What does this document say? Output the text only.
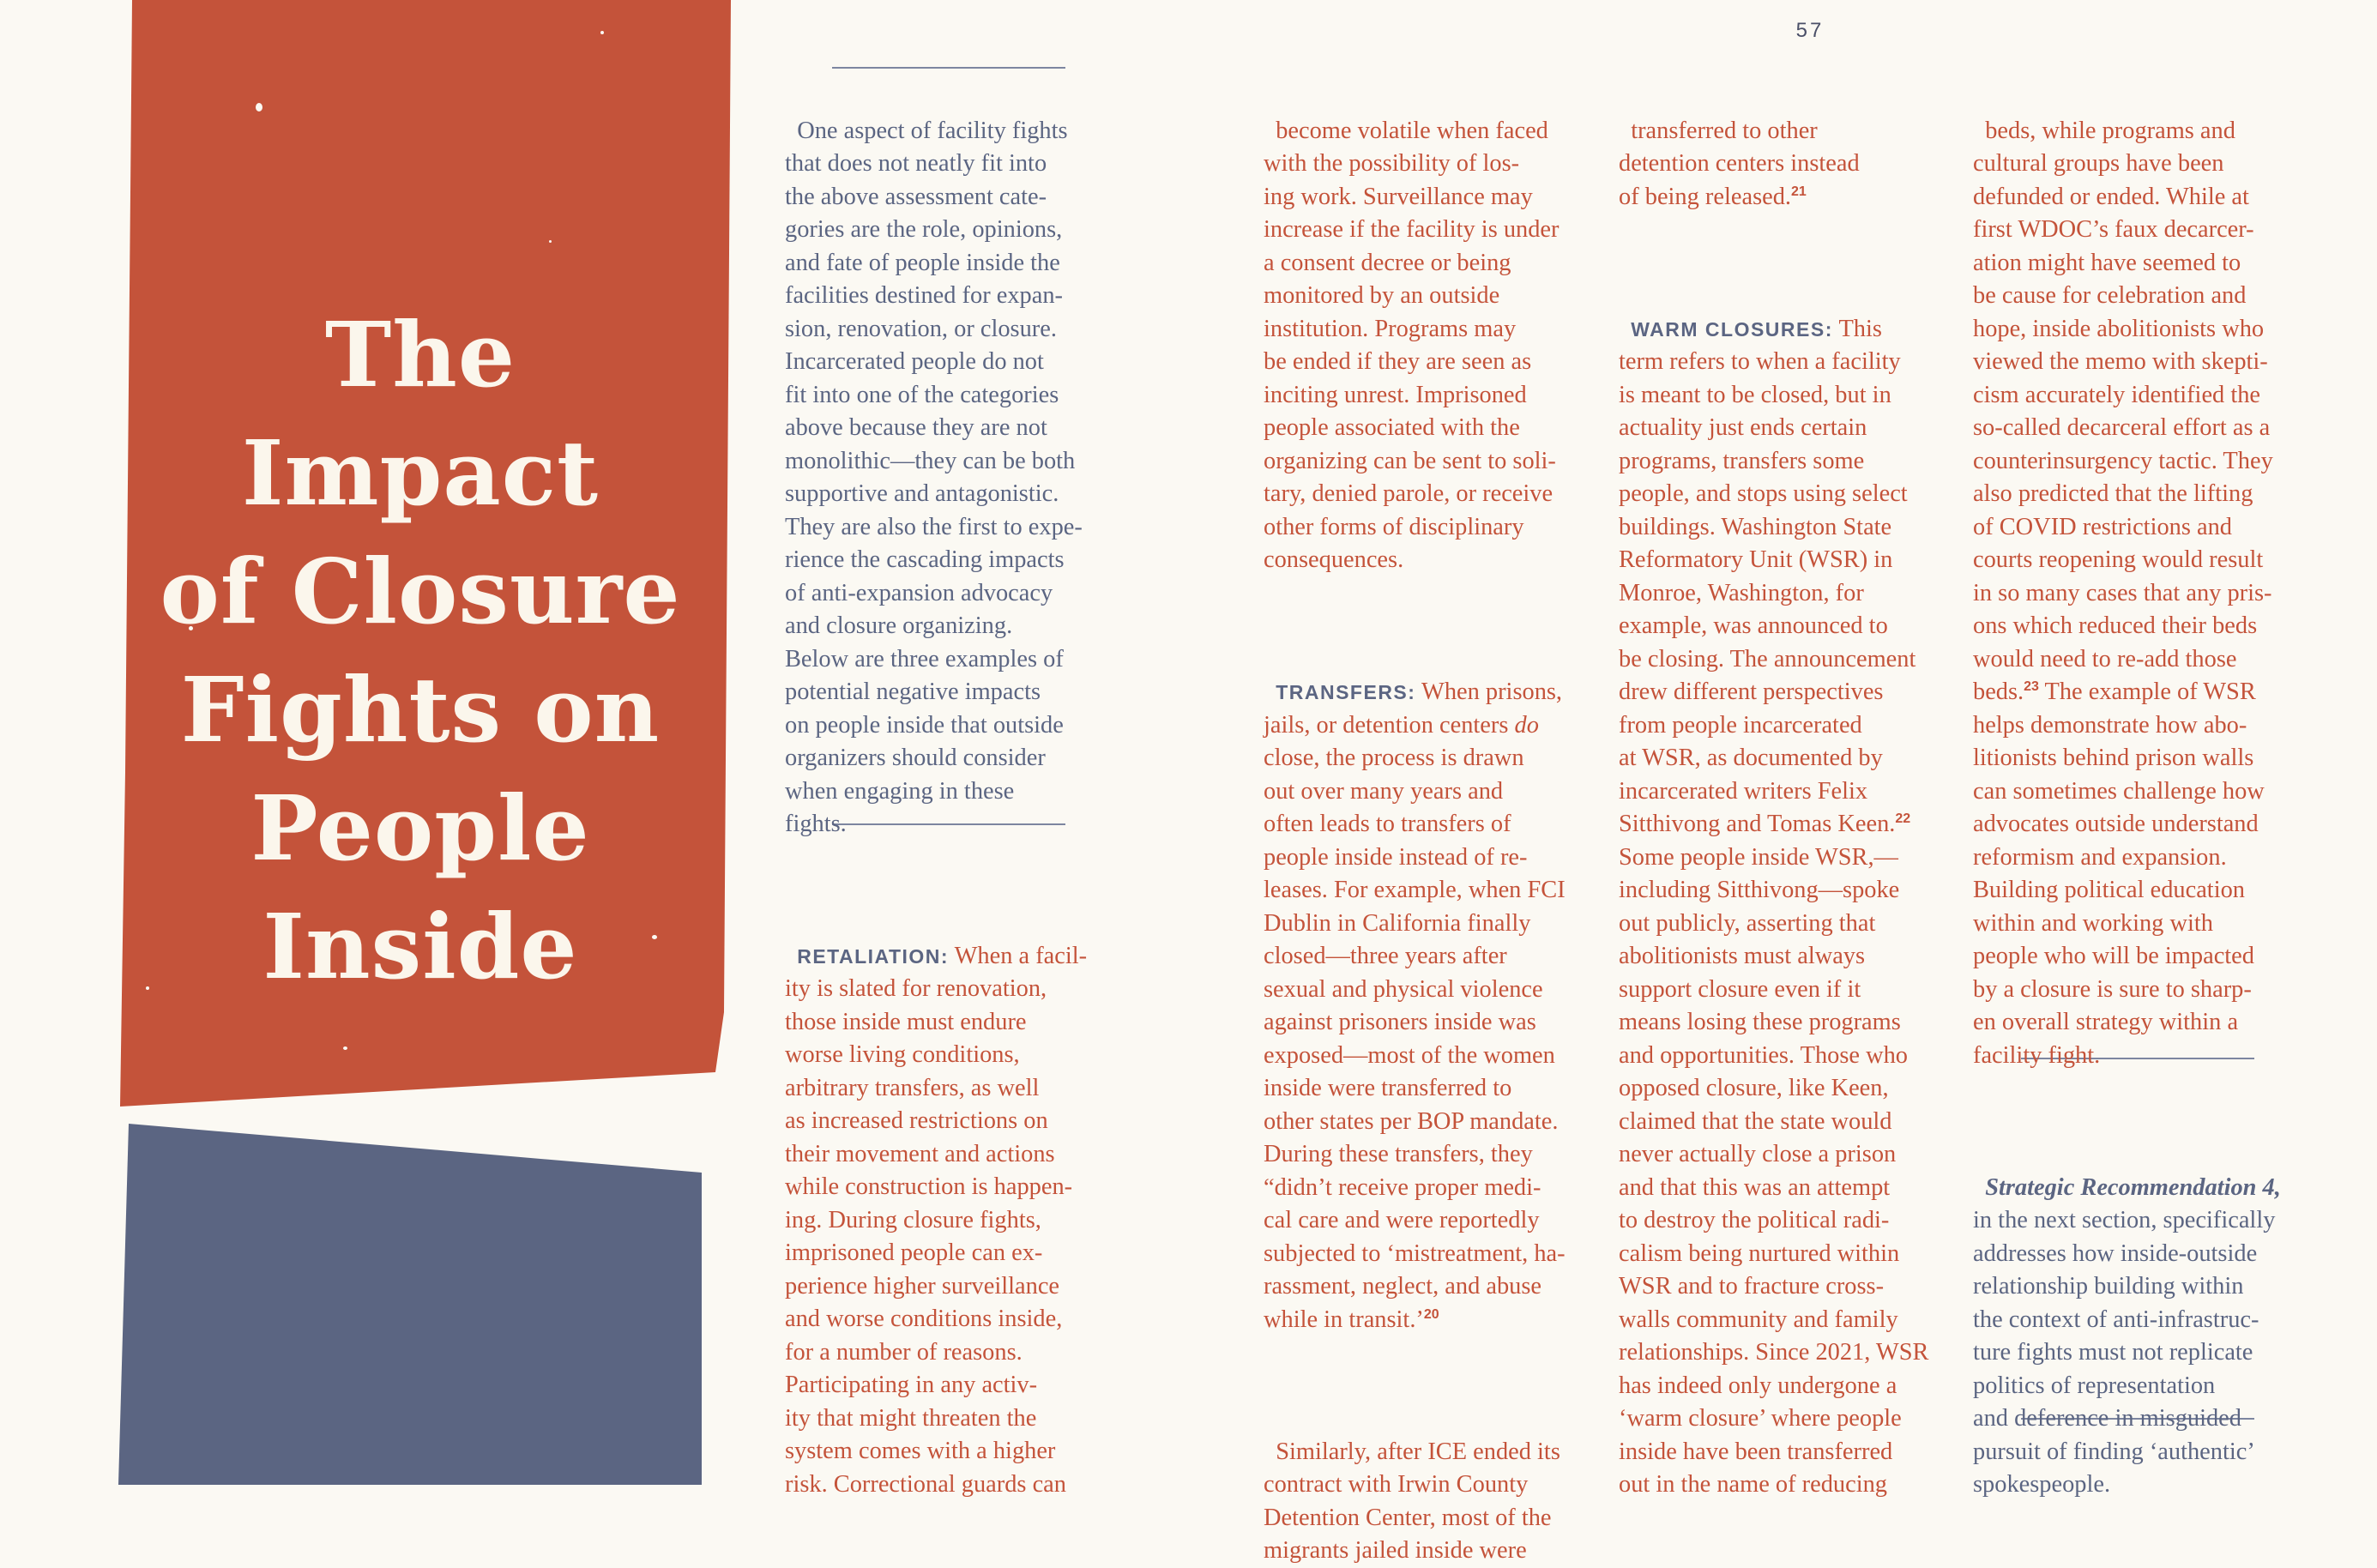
The
Impact
of Closure
Fights on
People
Inside
57

One aspect of facility fights
that does not neatly fit into
the above assessment cate-
gories are the role, opinions,
and fate of people inside the
facilities destined for expan-
sion, renovation, or closure.
Incarcerated people do not
fit into one of the categories
above because they are not
monolithic—they can be both
supportive and antagonistic.
They are also the first to expe-
rience the cascading impacts
of anti-expansion advocacy
and closure organizing.
Below are three examples of
potential negative impacts
on people inside that outside
organizers should consider
when engaging in these
fights.

RETALIATION: When a facil-
ity is slated for renovation,
those inside must endure
worse living conditions,
arbitrary transfers, as well
as increased restrictions on
their movement and actions
while construction is happen-
ing. During closure fights,
imprisoned people can ex-
perience higher surveillance
and worse conditions inside,
for a number of reasons.
Participating in any activ-
ity that might threaten the
system comes with a higher
risk. Correctional guards can

become volatile when faced
with the possibility of los-
ing work. Surveillance may
increase if the facility is under
a consent decree or being
monitored by an outside
institution. Programs may
be ended if they are seen as
inciting unrest. Imprisoned
people associated with the
organizing can be sent to soli-
tary, denied parole, or receive
other forms of disciplinary
consequences.

TRANSFERS: When prisons,
jails, or detention centers do
close, the process is drawn
out over many years and
often leads to transfers of
people inside instead of re-
leases. For example, when FCI
Dublin in California finally
closed—three years after
sexual and physical violence
against prisoners inside was
exposed—most of the women
inside were transferred to
other states per BOP mandate.
During these transfers, they
“didn’t receive proper medi-
cal care and were reportedly
subjected to ‘mistreatment, ha-
rassment, neglect, and abuse
while in transit.’$^{20}$

Similarly, after ICE ended its
contract with Irwin County
Detention Center, most of the
migrants jailed inside were

transferred to other
detention centers instead
of being released.$^{21}$

WARM CLOSURES: This
term refers to when a facility
is meant to be closed, but in
actuality just ends certain
programs, transfers some
people, and stops using select
buildings. Washington State
Reformatory Unit (WSR) in
Monroe, Washington, for
example, was announced to
be closing. The announcement
drew different perspectives
from people incarcerated
at WSR, as documented by
incarcerated writers Felix
Sitthivong and Tomas Keen.$^{22}$
Some people inside WSR,—
including Sitthivong—spoke
out publicly, asserting that
abolitionists must always
support closure even if it
means losing these programs
and opportunities. Those who
opposed closure, like Keen,
claimed that the state would
never actually close a prison
and that this was an attempt
to destroy the political radi-
calism being nurtured within
WSR and to fracture cross-
walls community and family
relationships. Since 2021, WSR
has indeed only undergone a
‘warm closure’ where people
inside have been transferred
out in the name of reducing

beds, while programs and
cultural groups have been
defunded or ended. While at
first WDOC’s faux decarcer-
ation might have seemed to
be cause for celebration and
hope, inside abolitionists who
viewed the memo with skepti-
cism accurately identified the
so-called decarceral effort as a
counterinsurgency tactic. They
also predicted that the lifting
of COVID restrictions and
courts reopening would result
in so many cases that any pris-
ons which reduced their beds
would need to re-add those
beds.$^{23}$ The example of WSR
helps demonstrate how abo-
litionists behind prison walls
can sometimes challenge how
advocates outside understand
reformism and expansion.
Building political education
within and working with
people who will be impacted
by a closure is sure to sharp-
en overall strategy within a
facility fight.

Strategic Recommendation 4,
in the next section, specifically
addresses how inside-outside
relationship building within
the context of anti-infrastruc-
ture fights must not replicate
politics of representation
and deference in misguided
pursuit of finding ‘authentic’
spokespeople.
